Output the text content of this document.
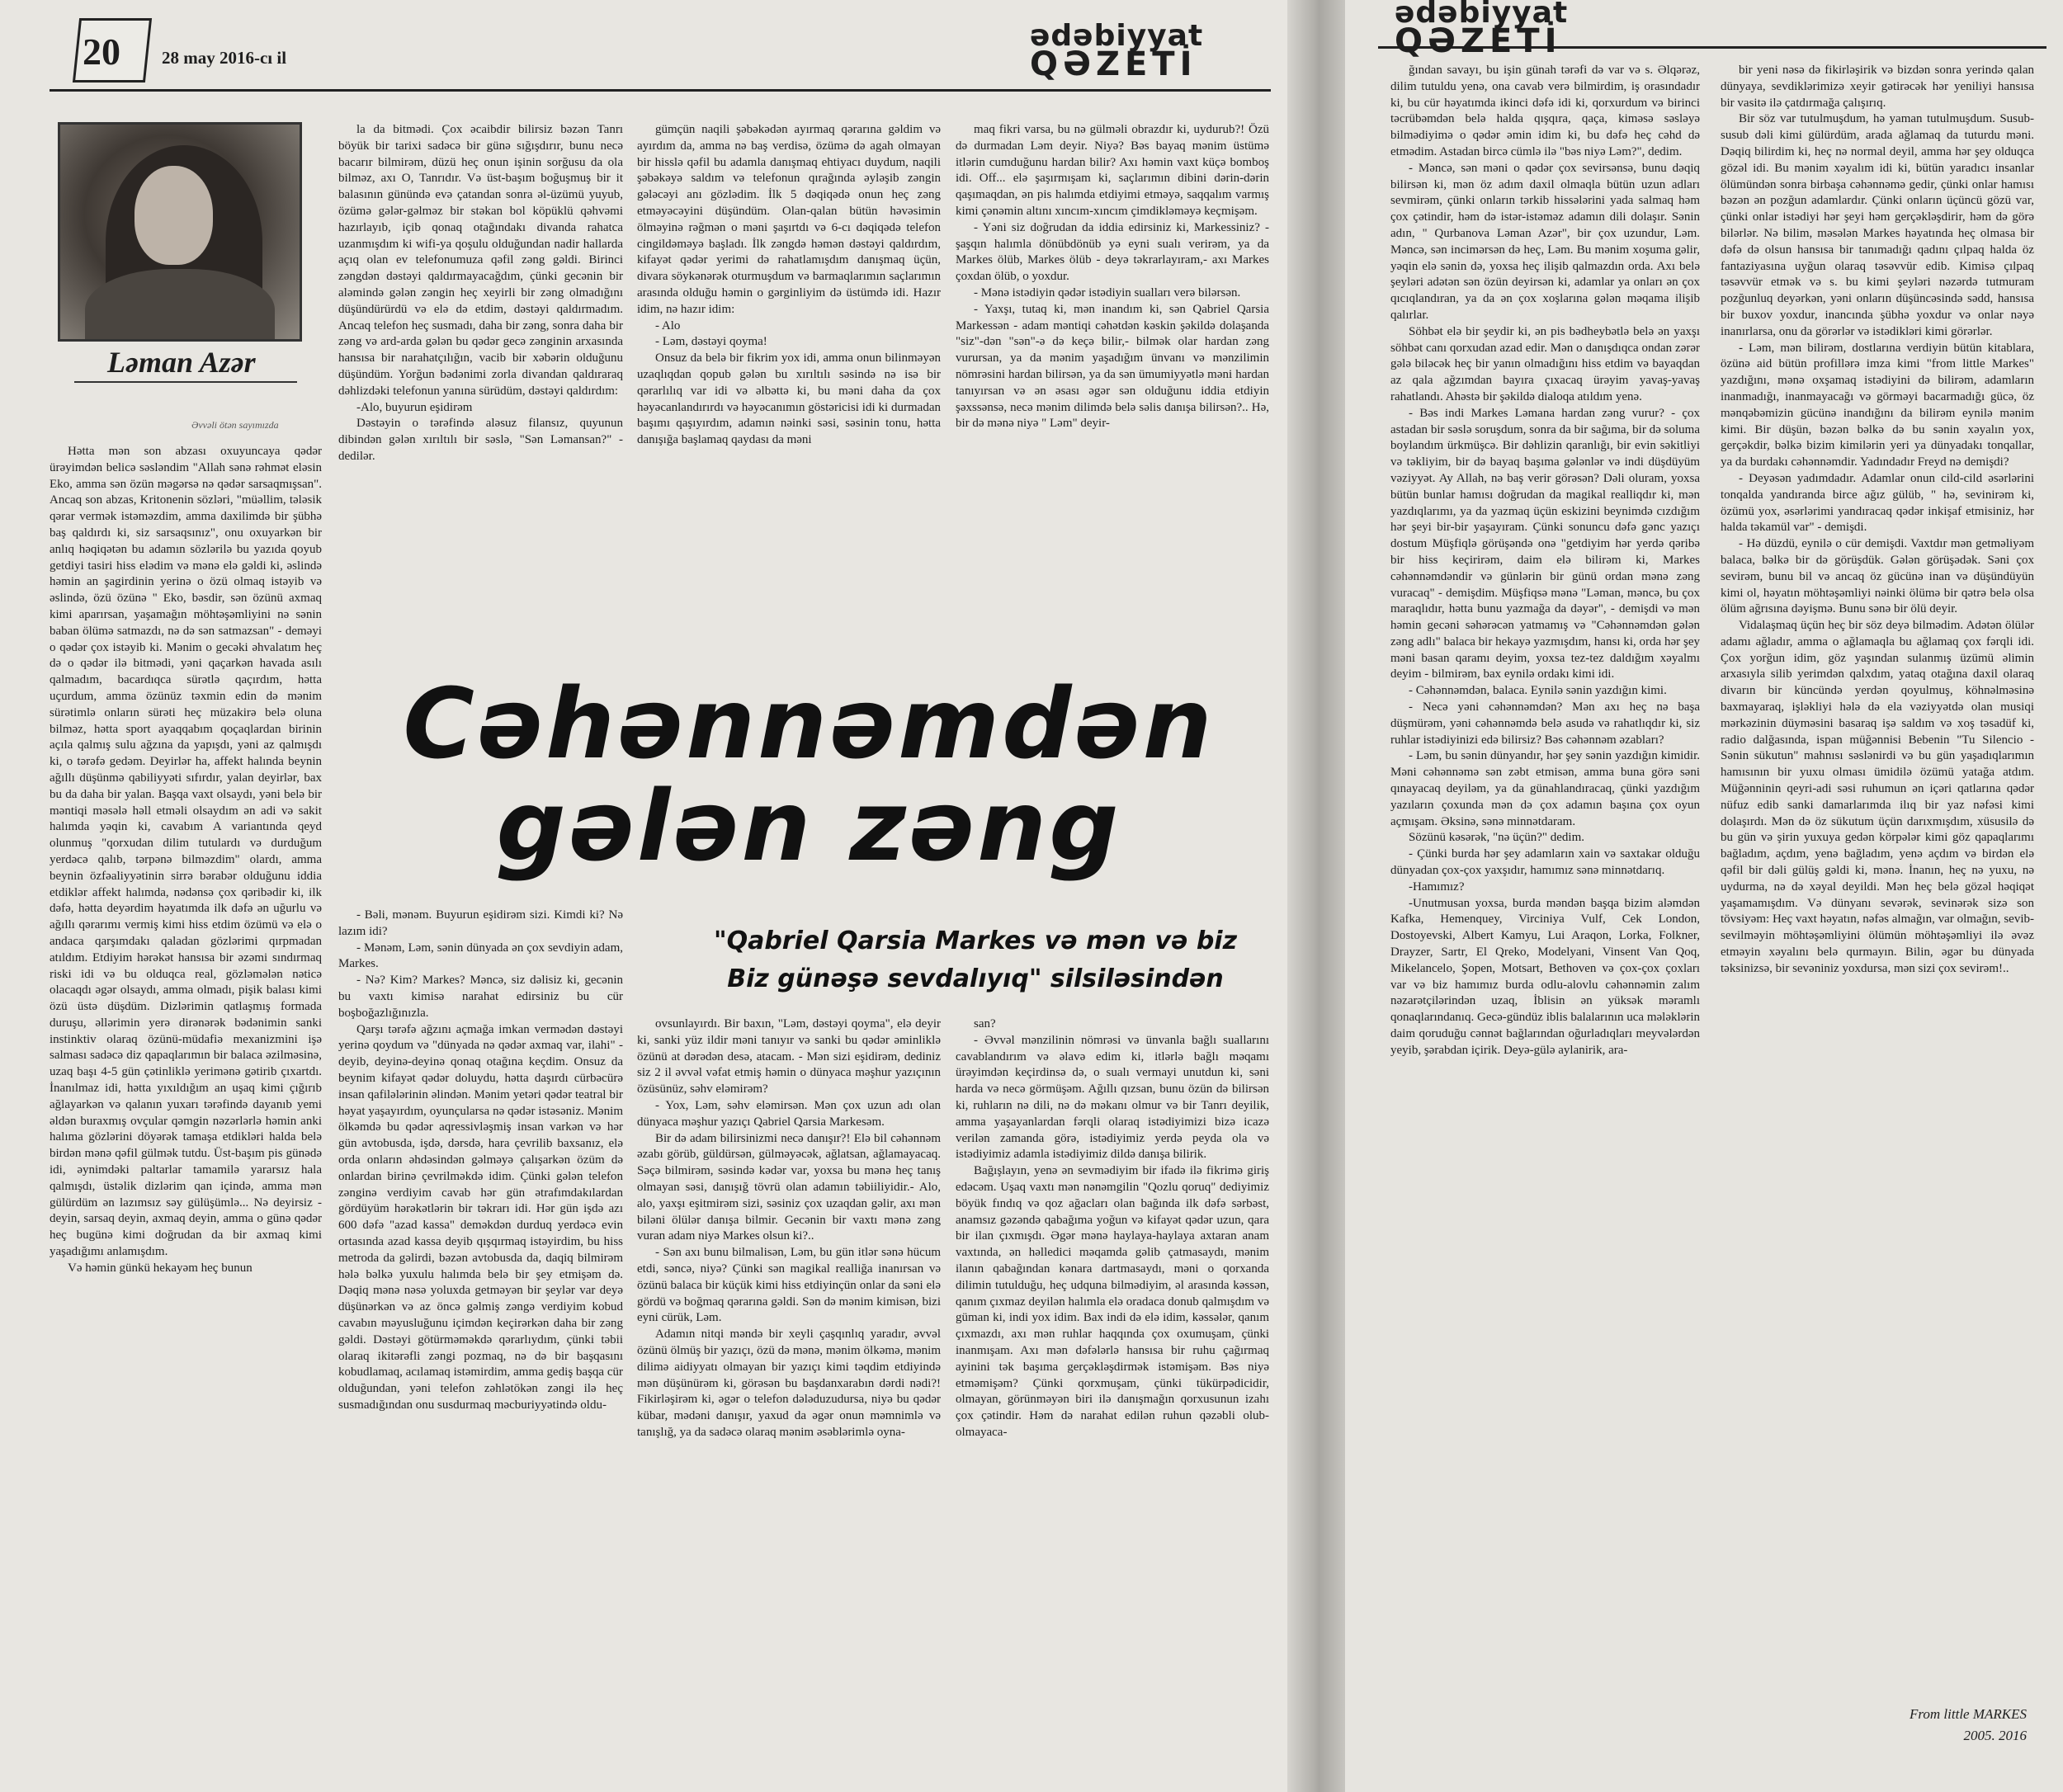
20 28 may 2016-cı il
ədəbiyyat
QƏZETİ
Ləman Azər
Əvvəli ötən sayımızda

Hətta mən son abzası oxuyuncaya qədər ürəyimdən belicə səsləndim "Allah sənə rəhmət eləsin Eko, amma sən özün məgərsə nə qədər sarsaqmışsan". Ancaq son abzas, Kritonenin sözləri, "müəllim, tələsik qərar vermək istəməzdim, amma daxilimdə bir şübhə baş qaldırdı ki, siz sarsaqsınız", onu oxuyarkən bir anlıq həqiqətən bu adamın sözlərilə bu yazıda qoyub getdiyi tasiri hiss elədim və mənə elə gəldi ki, əslində həmin an şagirdinin yerinə o özü olmaq istəyib və əslində, özü özünə " Eko, bəsdir, sən özünü axmaq kimi aparırsan, yaşamağın möhtəşəmliyini nə sənin baban ölümə satmazdı, nə də sən satmazsan" - deməyi o qədər çox istəyib ki. Mənim o gecəki əhvalatım heç də o qədər ilə bitmədi, yəni qaçarkən havada asılı qalmadım, bacardıqca sürətlə qaçırdım, hətta uçurdum, amma özünüz təxmin edin də mənim sürətimlə onların sürəti heç müzakirə belə oluna bilməz, hətta sport ayaqqabım qoçaqlardan birinin açıla qalmış sulu ağzına da yapışdı, yəni az qalmışdı ki, o tərəfə gedəm. Deyirlər ha, affekt halında beynin ağıllı düşünmə qabiliyyəti sıfırdır, yalan deyirlər, bax bu da daha bir yalan. Başqa vaxt olsaydı, yəni belə bir məntiqi məsələ həll etməli olsaydım ən adi və sakit halımda yəqin ki, cavabım A variantında qeyd olunmuş "qorxudan dilim tutulardı və durduğum yerdəcə qalıb, tərpənə bilməzdim" olardı, amma beynin özfəaliyyətinin sirrə bərabər olduğunu iddia etdiklər affekt halımda, nədənsə çox qəribədir ki, ilk dəfə, hətta deyərdim həyatımda ilk dəfə ən uğurlu və ağıllı qərarımı vermiş kimi hiss etdim özümü və elə o andaca qarşımdakı qaladan gözlərimi qırpmadan atıldım. Etdiyim hərəkət hansısa bir əzəmi sındırmaq riski idi və bu olduqca real, gözləmələn nəticə olacaqdı əgər olsaydı, amma olmadı, pişik balası kimi özü üstə düşdüm. Dizlərimin qatlaşmış formada duruşu, əllərimin yerə dirənərək bədənimin sanki instinktiv olaraq özünü-müdafiə mexanizmini işə salması sadəcə diz qapaqlarımın bir balaca əzilməsinə, uzaq başı 4-5 gün çətinliklə yerimənə gətirib çıxartdı. İnanılmaz idi, hətta yıxıldığım an uşaq kimi çığırıb ağlayarkən və qalanın yuxarı tərəfində dayanıb yemi əldən buraxmış ovçular qəmgin nəzərlərlə həmin anki halıma gözlərini döyərək tamaşa etdikləri halda belə birdən mənə qəfil gülmək tutdu. Üst-başım pis günədə idi, əynimdəki paltarlar tamamilə yararsız hala qalmışdı, üstəlik dizlərim qan içində, amma mən gülürdüm ən lazımsız səy gülüşümlə... Nə deyirsiz - deyin, sarsaq deyin, axmaq deyin, amma o günə qədər heç bugünə kimi doğrudan da bir axmaq kimi yaşadığımı anlamışdım.

Və həmin günkü hekayəm heç bunun

la da bitmədi. Çox əcaibdir bilirsiz bəzən Tanrı böyük bir tarixi sadəcə bir günə sığışdırır, bunu necə bacarır bilmirəm, düzü heç onun işinin sorğusu da ola bilməz, axı O, Tanrıdır. Və üst-başım boğuşmuş bir it balasının günündə evə çatandan sonra əl-üzümü yuyub, özümə gələr-gəlməz bir stəkan bol köpüklü qəhvəmi hazırlayıb, içib qonaq otağındakı divanda rahatca uzanmışdım ki wifi-ya qoşulu olduğundan nadir hallarda açıq olan ev telefonumuza qəfil zəng gəldi. Birinci zəngdən dəstəyi qaldırmayacağdım, çünki gecənin bir aləmində gələn zəngin heç xeyirli bir zəng olmadığını düşündürürdü və elə də etdim, dəstəyi qaldırmadım. Ancaq telefon heç susmadı, daha bir zəng, sonra daha bir zəng və ard-arda gələn bu qədər gecə zənginin arxasında hansısa bir narahatçılığın, vacib bir xəbərin olduğunu düşündüm. Yorğun bədənimi zorla divandan qaldıraraq dəhlizdəki telefonun yanına sürüdüm, dəstəyi qaldırdım:

-Alo, buyurun eşidirəm

Dəstəyin o tərəfində aləsuz filansız, quyunun dibindən gələn xırıltılı bir səslə, "Sən Ləmansan?" - dedilər.

gümçün naqili şəbəkədən ayırmaq qərarına gəldim və ayırdım da, amma nə baş verdisə, özümə də agah olmayan bir hisslə qəfil bu adamla danışmaq ehtiyacı duydum, naqili şəbəkəyə saldım və telefonun qırağında əyləşib zəngin gələcəyi anı gözlədim. İlk 5 dəqiqədə onun heç zəng etməyəcəyini düşündüm. Olan-qalan bütün həvəsimin ölməyinə rəğmən o məni şaşırtdı və 6-cı dəqiqədə telefon cingildəməyə başladı. İlk zəngdə həmən dəstəyi qaldırdım, kifayət qədər yerimi də rahatlamışdım danışmaq üçün, divara söykənərək oturmuşdum və barmaqlarımın saçlarımın arasında olduğu həmin o gərginliyim də üstümdə idi. Hazır idim, nə hazır idim:

- Alo

- Ləm, dəstəyi qoyma!

Onsuz da belə bir fikrim yox idi, amma onun bilinməyən uzaqlıqdan qopub gələn bu xırıltılı səsində nə isə bir qərarlılıq var idi və əlbəttə ki, bu məni daha da çox həyəcanlandırırdı və həyəcanımın göstəricisi idi ki durmadan başımı qaşıyırdım, adamın nəinki səsi, səsinin tonu, hətta danışığa başlamaq qaydası da məni

maq fikri varsa, bu nə gülməli obrazdır ki, uydurub?! Özü də durmadan Ləm deyir. Niyə? Bəs bayaq mənim üstümə itlərin cumduğunu hardan bilir? Axı həmin vaxt küçə bomboş idi. Off... elə şaşırmışam ki, saçlarımın dibini dərin-dərin qaşımaqdan, ən pis halımda etdiyimi etməyə, saqqalım varmış kimi çənəmin altını xıncım-xıncım çimdikləməyə keçmişəm.

- Yəni siz doğrudan da iddia edirsiniz ki, Markessiniz? - şaşqın halımla dönübdönüb yə eyni sualı verirəm, ya da Markes ölüb, Markes ölüb - deyə təkrarlayıram,- axı Markes çoxdan ölüb, o yoxdur.

- Mənə istədiyin qədər istədiyin sualları verə bilərsən.

- Yaxşı, tutaq ki, mən inandım ki, sən Qabriel Qarsia Markessən - adam məntiqi cəhətdən kəskin şəkildə dolaşanda "siz"-dən "sən"-ə də keçə bilir,- bilmək olar hardan zəng vurursan, ya da mənim yaşadığım ünvanı və mənzilimin nömrəsini hardan bilirsən, ya da sən ümumiyyətlə məni hardan tanıyırsan və ən əsası əgər sən olduğunu iddia etdiyin şəxssənsə, necə mənim dilimdə belə səlis danışa bilirsən?.. Hə, bir də mənə niyə " Ləm" deyir-

Cəhənnəmdən
gələn zəng
"Qabriel Qarsia Markes və mən və biz
Biz günəşə sevdalıyıq" silsiləsindən

- Bəli, mənəm. Buyurun eşidirəm sizi. Kimdi ki? Nə lazım idi?

- Mənəm, Ləm, sənin dünyada ən çox sevdiyin adam, Markes.

- Nə? Kim? Markes? Məncə, siz dəlisiz ki, gecənin bu vaxtı kimisə narahat edirsiniz bu cür boşboğazlığınızla.

Qarşı tərəfə ağzını açmağa imkan vermədən dəstəyi yerinə qoydum və "dünyada nə qədər axmaq var, ilahi" - deyib, deyinə-deyinə qonaq otağına keçdim. Onsuz da beynim kifayət qədər doluydu, hətta daşırdı cürbəcürə insan qafilələrinin əlindən. Mənim yetəri qədər teatral bir həyat yaşayırdım, oyunçularsa nə qədər istəsəniz. Mənim ölkəmdə bu qədər aqressivləşmiş insan varkən və hər gün avtobusda, işdə, dərsdə, hara çevrilib baxsanız, elə orda onların əhdəsindən gəlməyə çalışarkən özüm də onlardan birinə çevrilməkdə idim. Çünki gələn telefon zənginə verdiyim cavab hər gün ətrafımdakılardan gördüyüm hərəkətlərin bir təkrarı idi. Hər gün işdə azı 600 dəfə "azad kassa" deməkdən durduq yerdəcə evin ortasında azad kassa deyib qışqırmaq istəyirdim, bu hiss metroda da gəlirdi, bəzən avtobusda da, daqiq bilmirəm hələ bəlkə yuxulu halımda belə bir şey etmişəm də. Dəqiq mənə nəsə yoluxda getməyən bir şeylər var deyə düşünərkən və az öncə gəlmiş zəngə verdiyim kobud cavabın məyusluğunu içimdən keçirərkən daha bir zəng gəldi. Dəstəyi götürməməkdə qərarlıydım, çünki təbii olaraq ikitərəfli zəngi pozmaq, nə də bir başqasını kobudlamaq, acılamaq istəmirdim, amma gediş başqa cür olduğundan, yəni telefon zəhlətökən zəngi ilə heç susmadığından onu susdurmaq məcburiyyətində oldu-

ovsunlayırdı. Bir baxın, "Ləm, dəstəyi qoyma", elə deyir ki, sanki yüz ildir məni tanıyır və sanki bu qədər əminliklə özünü at dərədən desə, atacam. - Mən sizi eşidirəm, dediniz siz 2 il əvvəl vəfat etmiş həmin o dünyaca məşhur yazıçının özüsünüz, səhv eləmirəm?

- Yox, Ləm, səhv eləmirsən. Mən çox uzun adı olan dünyaca məşhur yazıçı Qabriel Qarsia Markesəm.

Bir də adam bilirsinizmi necə danışır?! Elə bil cəhənnəm əzabı görüb, güldürsən, gülməyəcək, ağlatsan, ağlamayacaq. Səçə bilmirəm, səsində kədər var, yoxsa bu mənə heç tanış olmayan səsi, danışığ tövrü olan adamın təbiiliyidir.- Alo, alo, yaxşı eşitmirəm sizi, səsiniz çox uzaqdan gəlir, axı mən biləni ölülər danışa bilmir. Gecənin bir vaxtı mənə zəng vuran adam niyə Markes olsun ki?..

- Sən axı bunu bilmalisən, Ləm, bu gün itlər sənə hücum etdi, səncə, niyə? Çünki sən magikal realliğa inanırsan və özünü balaca bir küçük kimi hiss etdiyinçün onlar da səni elə gördü və boğmaq qərarına gəldi. Sən də mənim kimisən, bizi eyni cürük, Ləm.

Adamın nitqi məndə bir xeyli çaşqınlıq yaradır, əvvəl özünü ölmüş bir yazıçı, özü də mənə, mənim ölkəmə, mənim dilimə aidiyyatı olmayan bir yazıçı kimi təqdim etdiyində mən düşünürəm ki, görəsən bu başdanxarabın dərdi nədi?! Fikirləşirəm ki, əgər o telefon dələduzudursa, niyə bu qədər kübar, mədəni danışır, yaxud da əgər onun məmnimlə və tanışlığ, ya da sadəcə olaraq mənim əsəblərimlə oyna-

san?

- Əvvəl mənzilinin nömrəsi və ünvanla bağlı suallarını cavablandırım və əlavə edim ki, itlərlə bağlı məqamı ürəyimdən keçirdinsə də, o sualı vermayi unutdun ki, səni harda və necə görmüşəm. Ağıllı qızsan, bunu özün də bilirsən ki, ruhların nə dili, nə də məkanı olmur və bir Tanrı deyilik, amma yaşayanlardan fərqli olaraq istədiyimizi bizə icazə verilən zamanda görə, istədiyimiz yerdə peyda ola və istədiyimiz adamla istədiyimiz dildə danışa bilirik.

Bağışlayın, yenə ən sevmədiyim bir ifadə ilə fikrimə giriş edəcəm. Uşaq vaxtı mən nənəmgilin "Qozlu qoruq" dediyimiz böyük fındıq və qoz ağacları olan bağında ilk dəfə sərbəst, anamsız gəzəndə qabağıma yoğun və kifayət qədər uzun, qara bir ilan çıxmışdı. Əgər mənə haylaya-haylaya axtaran anam vaxtında, ən həlledici məqamda gəlib çatmasaydı, mənim ilanın qabağından kənara dartmasaydı, məni o qorxanda dilimin tutulduğu, heç udquna bilmədiyim, əl arasında kəssən, qanım çıxmaz deyilən halımla elə oradaca donub qalmışdım və güman ki, indi yox idim. Bax indi də elə idim, kəssələr, qanım çıxmazdı, axı mən ruhlar haqqında çox oxumuşam, çünki inanmışam. Axı mən dəfələrlə hansısa bir ruhu çağırmaq ayinini tək başıma gerçəkləşdirmək istəmişəm. Bəs niyə etməmişəm? Çünki qorxmuşam, çünki tükürpədicidir, olmayan, görünməyən biri ilə danışmağın qorxusunun izahı çox çətindir. Həm də narahat edilən ruhun qəzəbli olub-olmayaca-

ğından savayı, bu işin günah tərəfi də var və s. Əlqərəz, dilim tutuldu yenə, ona cavab verə bilmirdim, iş orasındadır ki, bu cür həyatımda ikinci dəfə idi ki, qorxurdum və birinci təcrübəmdən belə halda qışqıra, qaça, kiməsə səsləyə bilmədiyimə o qədər əmin idim ki, bu dəfə heç cəhd də etmədim. Astadan bircə cümlə ilə "bəs niyə Ləm?", dedim.

- Məncə, sən məni o qədər çox sevirsənsə, bunu dəqiq bilirsən ki, mən öz adım daxil olmaqla bütün uzun adları sevmirəm, çünki onların tərkib hissələrini yada salmaq həm çox çətindir, həm də istər-istəməz adamın dili dolaşır. Sənin adın, " Qurbanova Ləman Azər", bir çox uzundur, Ləm. Məncə, sən incimərsən də heç, Ləm. Bu mənim xoşuma gəlir, yəqin elə sənin də, yoxsa heç ilişib qalmazdın orda. Axı belə şeyləri adətən sən özün deyirsən ki, adamlar ya onları ən çox qıcıqlandıran, ya da ən çox xoşlarına gələn məqama ilişib qalırlar.

Söhbət elə bir şeydir ki, ən pis bədheybətlə belə ən yaxşı söhbət canı qorxudan azad edir. Mən o danışdıqca ondan zərər gələ biləcək heç bir yanın olmadığını hiss etdim və bayaqdan az qala ağzımdan bayıra çıxacaq ürəyim yavaş-yavaş rahatlandı. Ahəstə bir şəkildə dialoqa atıldım yenə.

- Bəs indi Markes Ləmana hardan zəng vurur? - çox astadan bir səslə soruşdum, sonra da bir sağıma, bir də soluma boylandım ürkmüşcə. Bir dəhlizin qaranlığı, bir evin səkitliyi və təkliyim, bir də bayaq başıma gələnlər və indi düşdüyüm vəziyyət. Ay Allah, nə baş verir görəsən? Dəli oluram, yoxsa bütün bunlar hamısı doğrudan da magikal realliqdır ki, mən yazdıqlarımı, ya da yazmaq üçün eskizini beynimdə cızdığım hər şeyi bir-bir yaşayıram. Çünki sonuncu dəfə gənc yazıçı dostum Müşfiqlə görüşəndə onə "getdiyim hər yerdə qəribə bir hiss keçirirəm, daim elə bilirəm ki, Markes cəhənnəmdəndir və günlərin bir günü ordan mənə zəng vuracaq" - demişdim. Müşfiqsə mənə "Ləman, məncə, bu çox maraqlıdır, hətta bunu yazmağa da dəyər", - demişdi və mən həmin gecəni səhərəcən yatmamış və "Cəhənnəmdən gələn zəng adlı" balaca bir hekayə yazmışdım, hansı ki, orda hər şey məni basan qaramı deyim, yoxsa tez-tez daldığım xəyalmı deyim - bilmirəm, bax eynilə ordakı kimi idi.

- Cəhənnəmdən, balaca. Eynilə sənin yazdığın kimi.

- Necə yəni cəhənnəmdən? Mən axı heç nə başa düşmürəm, yəni cəhənnəmdə belə asudə və rahatlıqdır ki, siz ruhlar istədiyinizi edə bilirsiz? Bəs cəhənnəm əzabları?

- Ləm, bu sənin dünyandır, hər şey sənin yazdığın kimidir. Məni cəhənnəmə sən zəbt etmisən, amma buna görə səni qınayacaq deyiləm, ya da günahlandıracaq, çünki yazdığım yazıların çoxunda mən də çox adamın başına çox oyun açmışam. Əksinə, sənə minnətdaram.

Sözünü kəsərək, "nə üçün?" dedim.

- Çünki burda hər şey adamların xain və saxtakar olduğu dünyadan çox-çox yaxşıdır, hamımız sənə minnətdarıq.

-Hamımız?

-Unutmusan yoxsa, burda məndən başqa bizim aləmdən Kafka, Hemenquey, Virciniya Vulf, Cek London, Dostoyevski, Albert Kamyu, Lui Araqon, Lorka, Folkner, Drayzer, Sartr, El Qreko, Modelyani, Vinsent Van Qoq, Mikelancelo, Şopen, Motsart, Bethoven və çox-çox çoxları var və biz hamımız burda odlu-alovlu cəhənnəmin zalım nəzarətçilərindən uzaq, İblisin ən yüksək məramlı qonaqlarındanıq. Gecə-gündüz iblis balalarının uca mələklərin daim qoruduğu cənnət bağlarından oğurladıqları meyvələrdən yeyib, şərabdan içirik. Deyə-gülə aylanirik, ara-

bir yeni nəsə də fikirləşirik və bizdən sonra yerində qalan dünyaya, sevdiklərimizə xeyir gətirəcək hər yeniliyi hansısa bir vasitə ilə çatdırmağa çalışırıq.

Bir söz var tutulmuşdum, hə yaman tutulmuşdum. Susub-susub dəli kimi gülürdüm, arada ağlamaq da tuturdu məni. Dəqiq bilirdim ki, heç nə normal deyil, amma hər şey olduqca gözəl idi. Bu mənim xəyalım idi ki, bütün yaradıcı insanlar ölümündən sonra birbaşa cəhənnəmə gedir, çünki onlar hamısı bəzən ən pozğun adamlardır. Çünki onların üçüncü gözü var, çünki onlar istədiyi hər şeyi həm gerçəkləşdirir, həm də görə bilərlər. Nə bilim, məsələn Markes həyatında heç olmasa bir dəfə də olsun hansısa bir tanımadığı qadını çılpaq halda öz fantaziyasına uyğun olaraq təsəvvür edib. Kimisə çılpaq təsəvvür etmək və s. bu kimi şeyləri nəzərdə tutmuram pozğunluq deyərkən, yəni onların düşüncəsində sədd, hansısa bir buxov yoxdur, inancında şübhə yoxdur və onlar nəyə inanırlarsa, onu da görərlər və istədikləri kimi görərlər.

- Ləm, mən bilirəm, dostlarına verdiyin bütün kitablara, özünə aid bütün profillərə imza kimi "from little Markes" yazdığını, mənə oxşamaq istədiyini də bilirəm, adamların inanmadığı, inanmayacağı və görməyi bacarmadığı gücə, öz mənqəbəmizin gücünə inandığını da bilirəm eynilə mənim kimi. Bir düşün, bəzən bəlkə də bu sənin xəyalın yox, gerçəkdir, bəlkə bizim kimilərin yeri ya dünyadakı tonqallar, ya da burdakı cəhənnəmdir. Yadındadır Freyd nə demişdi?

- Deyəsən yadımdadır. Adamlar onun cild-cild əsərlərini tonqalda yandıranda birce ağız gülüb, " hə, sevinirəm ki, özümü yox, əsərlərimi yandıracaq qədər inkişaf etmisiniz, hər halda təkamül var" - demişdi.

- Hə düzdü, eynilə o cür demişdi. Vaxtdır mən getməliyəm balaca, bəlkə bir də görüşdük. Gələn görüşədək. Səni çox sevirəm, bunu bil və ancaq öz gücünə inan və düşündüyün kimi ol, həyatın möhtəşəmliyi nəinki ölümə bir qətrə belə olsa ölüm ağrısına dəyişmə. Bunu sənə bir ölü deyir.

Vidalaşmaq üçün heç bir söz deyə bilmədim. Adətən ölülər adamı ağladır, amma o ağlamaqla bu ağlamaq çox fərqli idi. Çox yorğun idim, göz yaşından sulanmış üzümü əlimin arxasıyla silib yerimdən qalxdım, yataq otağına daxil olaraq divarın bir küncündə yerdən qoyulmuş, köhnəlməsinə baxmayaraq, işləkliyi hələ də ela vəziyyətdə olan musiqi mərkəzinin düyməsini basaraq işə saldım və xoş təsadüf ki, radio dalğasında, ispan müğənnisi Bebenin "Tu Silencio - Sənin sükutun" mahnısı səslənirdi və bu gün yaşadıqlarımın hamısının bir yuxu olması ümidilə özümü yatağa atdım. Müğənninin qeyri-adi səsi ruhumun ən içəri qatlarına qədər nüfuz edib sanki damarlarımda ilıq bir yaz nəfəsi kimi dolaşırdı. Mən də öz sükutum üçün darıxmışdım, xüsusilə də bu gün və şirin yuxuya gedən körpələr kimi göz qapaqlarımı bağladım, açdım, yenə bağladım, yenə açdım və birdən elə qəfil bir dəli gülüş gəldi ki, mənə. İnanın, heç nə yuxu, nə uydurma, nə də xəyal deyildi. Mən heç belə gözəl həqiqət yaşamamışdım. Və dünyanı sevərək, sevinərək sizə son tövsiyəm: Heç vaxt həyatın, nəfəs almağın, var olmağın, sevib-sevilməyin möhtəşəmliyini ölümün möhtəşəmliyi ilə əvəz etməyin xəyalını belə qurmayın. Bilin, əgər bu dünyada təksinizsə, bir sevəniniz yoxdursa, mən sizi çox sevirəm!..

From little MARKES
2005. 2016
ədəbiyyat
QƏZETİ
